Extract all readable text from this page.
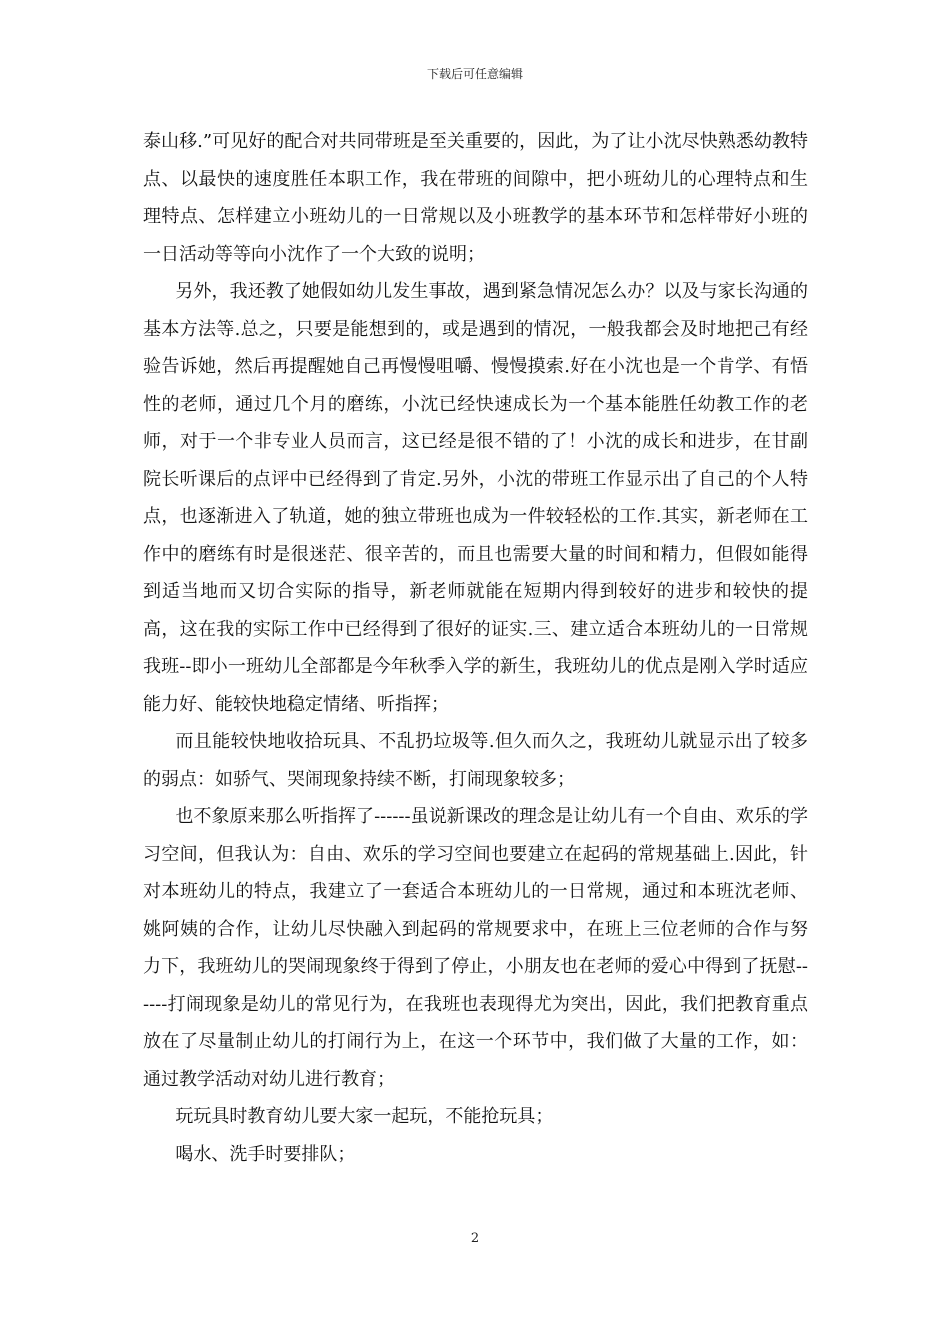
下载后可任意编辑

泰山移.”可见好的配合对共同带班是至关重要的，因此，为了让小沈尽快熟悉幼教特点、以最快的速度胜任本职工作，我在带班的间隙中，把小班幼儿的心理特点和生理特点、怎样建立小班幼儿的一日常规以及小班教学的基本环节和怎样带好小班的一日活动等等向小沈作了一个大致的说明；

另外，我还教了她假如幼儿发生事故，遇到紧急情况怎么办？以及与家长沟通的基本方法等.总之，只要是能想到的，或是遇到的情况，一般我都会及时地把己有经验告诉她，然后再提醒她自己再慢慢咀嚼、慢慢摸索.好在小沈也是一个肯学、有悟性的老师，通过几个月的磨练，小沈已经快速成长为一个基本能胜任幼教工作的老师，对于一个非专业人员而言，这已经是很不错的了！小沈的成长和进步，在甘副院长听课后的点评中已经得到了肯定.另外，小沈的带班工作显示出了自己的个人特点，也逐渐进入了轨道，她的独立带班也成为一件较轻松的工作.其实，新老师在工作中的磨练有时是很迷茫、很辛苦的，而且也需要大量的时间和精力，但假如能得到适当地而又切合实际的指导，新老师就能在短期内得到较好的进步和较快的提高，这在我的实际工作中已经得到了很好的证实.三、建立适合本班幼儿的一日常规我班--即小一班幼儿全部都是今年秋季入学的新生，我班幼儿的优点是刚入学时适应能力好、能较快地稳定情绪、听指挥；

而且能较快地收拾玩具、不乱扔垃圾等.但久而久之，我班幼儿就显示出了较多的弱点：如骄气、哭闹现象持续不断，打闹现象较多；

也不象原来那么听指挥了------虽说新课改的理念是让幼儿有一个自由、欢乐的学习空间，但我认为：自由、欢乐的学习空间也要建立在起码的常规基础上.因此，针对本班幼儿的特点，我建立了一套适合本班幼儿的一日常规，通过和本班沈老师、姚阿姨的合作，让幼儿尽快融入到起码的常规要求中，在班上三位老师的合作与努力下，我班幼儿的哭闹现象终于得到了停止，小朋友也在老师的爱心中得到了抚慰------打闹现象是幼儿的常见行为，在我班也表现得尤为突出，因此，我们把教育重点放在了尽量制止幼儿的打闹行为上，在这一个环节中，我们做了大量的工作，如：通过教学活动对幼儿进行教育；

玩玩具时教育幼儿要大家一起玩，不能抢玩具；

喝水、洗手时要排队；

2
